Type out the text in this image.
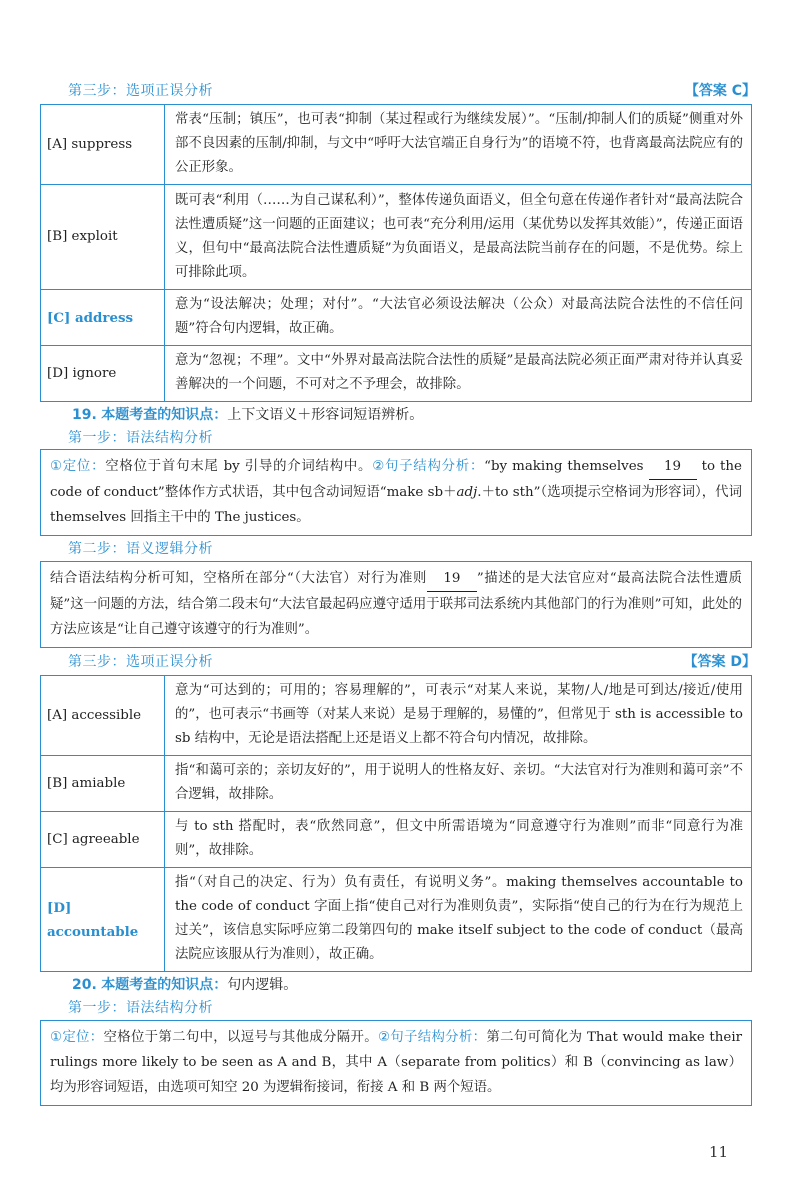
第三步：选项正误分析	【答案 C】
[A] suppress	常表“压制；镇压”，也可表“抑制（某过程或行为继续发展）”。“压制/抑制人们的质疑”侧重对外部不良因素的压制/抑制，与文中“呼吁大法官端正自身行为”的语境不符，也背离最高法院应有的公正形象。
[B] exploit	既可表“利用（……为自己谋私利）”，整体传递负面语义，但全句意在传递作者针对“最高法院合法性遭质疑”这一问题的正面建议；也可表“充分利用/运用（某优势以发挥其效能）”，传递正面语义，但句中“最高法院合法性遭质疑”为负面语义，是最高法院当前存在的问题，不是优势。综上可排除此项。
[C] address	意为“设法解决；处理；对付”。“大法官必须设法解决（公众）对最高法院合法性的不信任问题”符合句内逻辑，故正确。
[D] ignore	意为“忽视；不理”。文中“外界对最高法院合法性的质疑”是最高法院必须正面严肃对待并认真妥善解决的一个问题，不可对之不予理会，故排除。
19. 本题考查的知识点：上下文语义＋形容词短语辨析。
第一步：语法结构分析
①定位：空格位于首句末尾 by 引导的介词结构中。②句子结构分析：“by making themselves 19 to the code of conduct”整体作方式状语，其中包含动词短语“make sb＋adj.＋to sth”（选项提示空格词为形容词），代词 themselves 回指主干中的 The justices。
第二步：语义逻辑分析
结合语法结构分析可知，空格所在部分“（大法官）对行为准则 19 ”描述的是大法官应对“最高法院合法性遭质疑”这一问题的方法，结合第二段末句“大法官最起码应遵守适用于联邦司法系统内其他部门的行为准则”可知，此处的方法应该是“让自己遵守该遵守的行为准则”。
第三步：选项正误分析	【答案 D】
[A] accessible	意为“可达到的；可用的；容易理解的”，可表示“对某人来说，某物/人/地是可到达/接近/使用的”，也可表示“书画等（对某人来说）是易于理解的，易懂的”，但常见于 sth is accessible to sb 结构中，无论是语法搭配上还是语义上都不符合句内情况，故排除。
[B] amiable	指“和蔼可亲的；亲切友好的”，用于说明人的性格友好、亲切。“大法官对行为准则和蔼可亲”不合逻辑，故排除。
[C] agreeable	与 to sth 搭配时，表“欣然同意”，但文中所需语境为“同意遵守行为准则”而非“同意行为准则”，故排除。
[D] accountable	指“（对自己的决定、行为）负有责任，有说明义务”。making themselves accountable to the code of conduct 字面上指“使自己对行为准则负责”，实际指“使自己的行为在行为规范上过关”，该信息实际呼应第二段第四句的 make itself subject to the code of conduct（最高法院应该服从行为准则），故正确。
20. 本题考查的知识点：句内逻辑。
第一步：语法结构分析
①定位：空格位于第二句中，以逗号与其他成分隔开。②句子结构分析：第二句可简化为 That would make their rulings more likely to be seen as A and B，其中 A（separate from politics）和 B（convincing as law）均为形容词短语，由选项可知空 20 为逻辑衔接词，衔接 A 和 B 两个短语。
11
